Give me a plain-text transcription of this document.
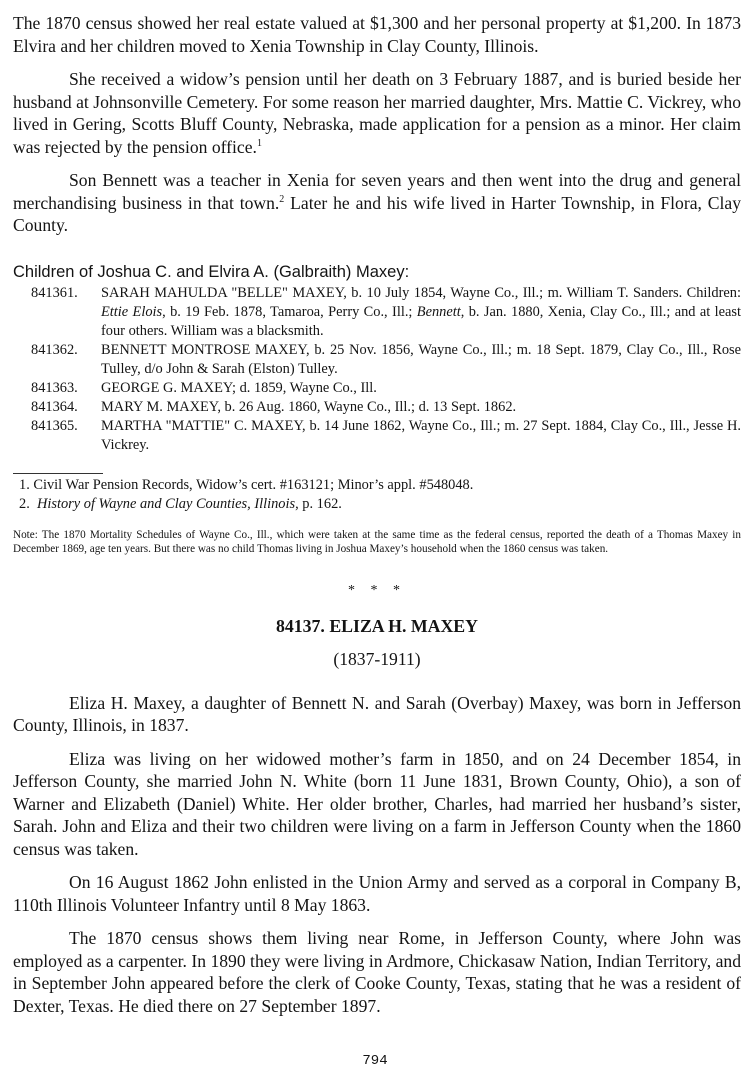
The 1870 census showed her real estate valued at $1,300 and her personal property at $1,200. In 1873 Elvira and her children moved to Xenia Township in Clay County, Illinois.

She received a widow’s pension until her death on 3 February 1887, and is buried beside her husband at Johnsonville Cemetery. For some reason her married daughter, Mrs. Mattie C. Vickrey, who lived in Gering, Scotts Bluff County, Nebraska, made application for a pension as a minor. Her claim was rejected by the pension office.$^1$

Son Bennett was a teacher in Xenia for seven years and then went into the drug and general merchandising business in that town.$^2$ Later he and his wife lived in Harter Township, in Flora, Clay County.

Children of Joshua C. and Elvira A. (Galbraith) Maxey:

841361.	SARAH MAHULDA "BELLE" MAXEY, b. 10 July 1854, Wayne Co., Ill.; m. William T. Sanders. Children: Ettie Elois, b. 19 Feb. 1878, Tamaroa, Perry Co., Ill.; Bennett, b. Jan. 1880, Xenia, Clay Co., Ill.; and at least four others. William was a blacksmith.
841362.	BENNETT MONTROSE MAXEY, b. 25 Nov. 1856, Wayne Co., Ill.; m. 18 Sept. 1879, Clay Co., Ill., Rose Tulley, d/o John & Sarah (Elston) Tulley.
841363.	GEORGE G. MAXEY; d. 1859, Wayne Co., Ill.
841364.	MARY M. MAXEY, b. 26 Aug. 1860, Wayne Co., Ill.; d. 13 Sept. 1862.
841365.	MARTHA "MATTIE" C. MAXEY, b. 14 June 1862, Wayne Co., Ill.; m. 27 Sept. 1884, Clay Co., Ill., Jesse H. Vickrey.

1. Civil War Pension Records, Widow’s cert. #163121; Minor’s appl. #548048.

2.  History of Wayne and Clay Counties, Illinois, p. 162.

Note: The 1870 Mortality Schedules of Wayne Co., Ill., which were taken at the same time as the federal census, reported the death of a Thomas Maxey in December 1869, age ten years. But there was no child Thomas living in Joshua Maxey’s household when the 1860 census was taken.

* * *
84137. ELIZA H. MAXEY
(1837-1911)

Eliza H. Maxey, a daughter of Bennett N. and Sarah (Overbay) Maxey, was born in Jefferson County, Illinois, in 1837.

Eliza was living on her widowed mother’s farm in 1850, and on 24 December 1854, in Jefferson County, she married John N. White (born 11 June 1831, Brown County, Ohio), a son of Warner and Elizabeth (Daniel) White. Her older brother, Charles, had married her husband’s sister, Sarah. John and Eliza and their two children were living on a farm in Jefferson County when the 1860 census was taken.

On 16 August 1862 John enlisted in the Union Army and served as a corporal in Company B, 110th Illinois Volunteer Infantry until 8 May 1863.

The 1870 census shows them living near Rome, in Jefferson County, where John was employed as a carpenter. In 1890 they were living in Ardmore, Chickasaw Nation, Indian Territory, and in September John appeared before the clerk of Cooke County, Texas, stating that he was a resident of Dexter, Texas. He died there on 27 September 1897.

794
